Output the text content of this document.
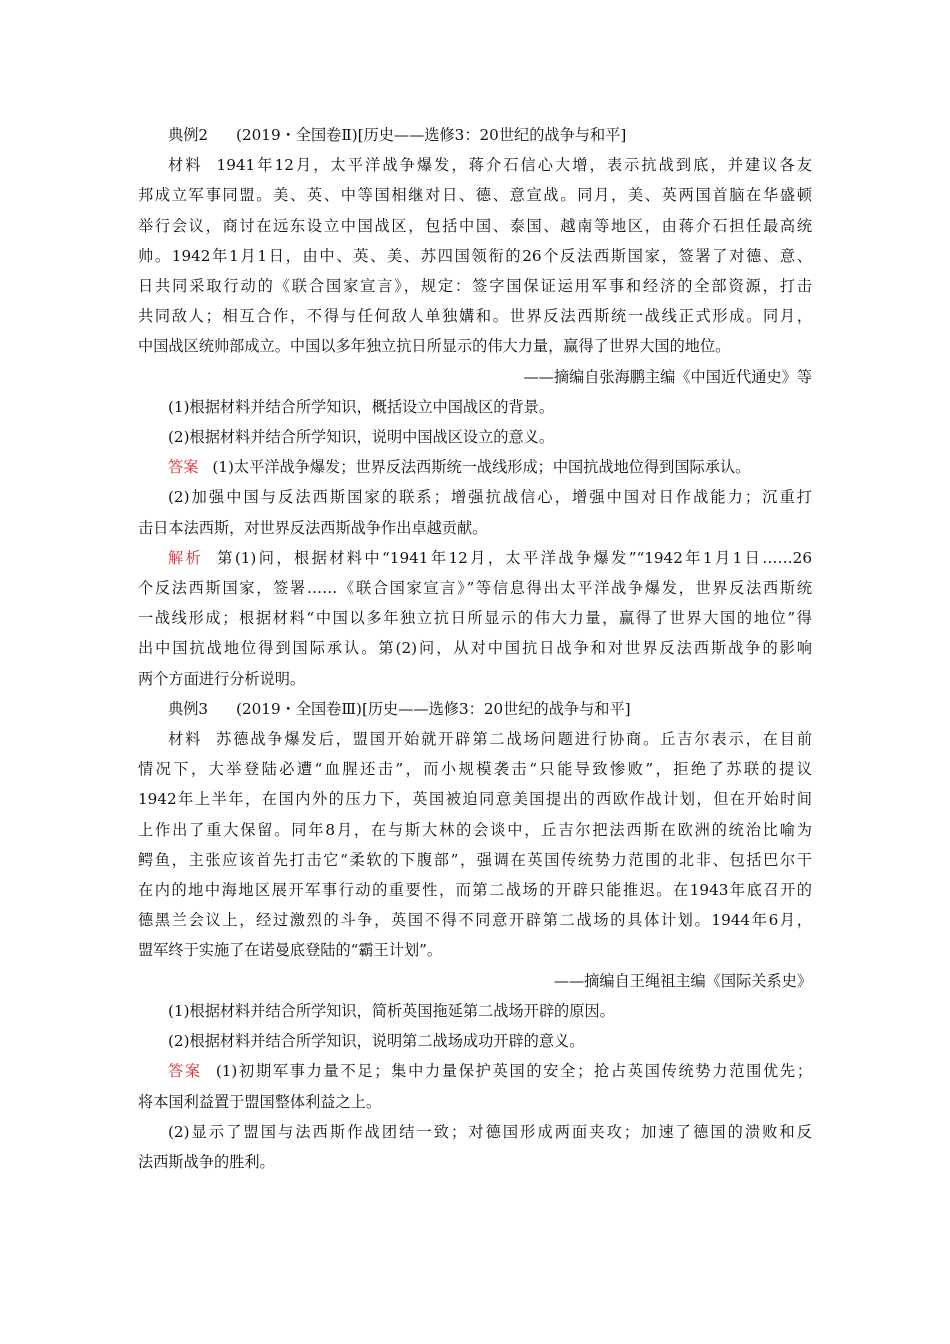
典例2 (2019・全国卷Ⅱ)[历史——选修3：20世纪的战争与和平]
材料 1941年12月，太平洋战争爆发，蒋介石信心大增，表示抗战到底，并建议各友
邦成立军事同盟。美、英、中等国相继对日、德、意宣战。同月，美、英两国首脑在华盛顿
举行会议，商讨在远东设立中国战区，包括中国、泰国、越南等地区，由蒋介石担任最高统
帅。1942年1月1日，由中、英、美、苏四国领衔的26个反法西斯国家，签署了对德、意、
日共同采取行动的《联合国家宣言》，规定：签字国保证运用军事和经济的全部资源，打击
共同敌人；相互合作，不得与任何敌人单独媾和。世界反法西斯统一战线正式形成。同月，
中国战区统帅部成立。中国以多年独立抗日所显示的伟大力量，赢得了世界大国的地位。
——摘编自张海鹏主编《中国近代通史》等
(1)根据材料并结合所学知识，概括设立中国战区的背景。
(2)根据材料并结合所学知识，说明中国战区设立的意义。
答案 (1)太平洋战争爆发；世界反法西斯统一战线形成；中国抗战地位得到国际承认。
(2)加强中国与反法西斯国家的联系；增强抗战信心，增强中国对日作战能力；沉重打
击日本法西斯，对世界反法西斯战争作出卓越贡献。
解析 第(1)问，根据材料中“1941年12月，太平洋战争爆发”“1942年1月1日……26
个反法西斯国家，签署……《联合国家宣言》”等信息得出太平洋战争爆发，世界反法西斯统
一战线形成；根据材料“中国以多年独立抗日所显示的伟大力量，赢得了世界大国的地位”得
出中国抗战地位得到国际承认。第(2)问，从对中国抗日战争和对世界反法西斯战争的影响
两个方面进行分析说明。
典例3 (2019・全国卷Ⅲ)[历史——选修3：20世纪的战争与和平]
材料 苏德战争爆发后，盟国开始就开辟第二战场问题进行协商。丘吉尔表示，在目前
情况下，大举登陆必遭“血腥还击”，而小规模袭击“只能导致惨败”，拒绝了苏联的提议
1942年上半年，在国内外的压力下，英国被迫同意美国提出的西欧作战计划，但在开始时间
上作出了重大保留。同年8月，在与斯大林的会谈中，丘吉尔把法西斯在欧洲的统治比喻为
鳄鱼，主张应该首先打击它“柔软的下腹部”，强调在英国传统势力范围的北非、包括巴尔干
在内的地中海地区展开军事行动的重要性，而第二战场的开辟只能推迟。在1943年底召开的
德黑兰会议上，经过激烈的斗争，英国不得不同意开辟第二战场的具体计划。1944年6月，
盟军终于实施了在诺曼底登陆的“霸王计划”。
——摘编自王绳祖主编《国际关系史》
(1)根据材料并结合所学知识，简析英国拖延第二战场开辟的原因。
(2)根据材料并结合所学知识，说明第二战场成功开辟的意义。
答案 (1)初期军事力量不足；集中力量保护英国的安全；抢占英国传统势力范围优先；
将本国利益置于盟国整体利益之上。
(2)显示了盟国与法西斯作战团结一致；对德国形成两面夹攻；加速了德国的溃败和反
法西斯战争的胜利。
